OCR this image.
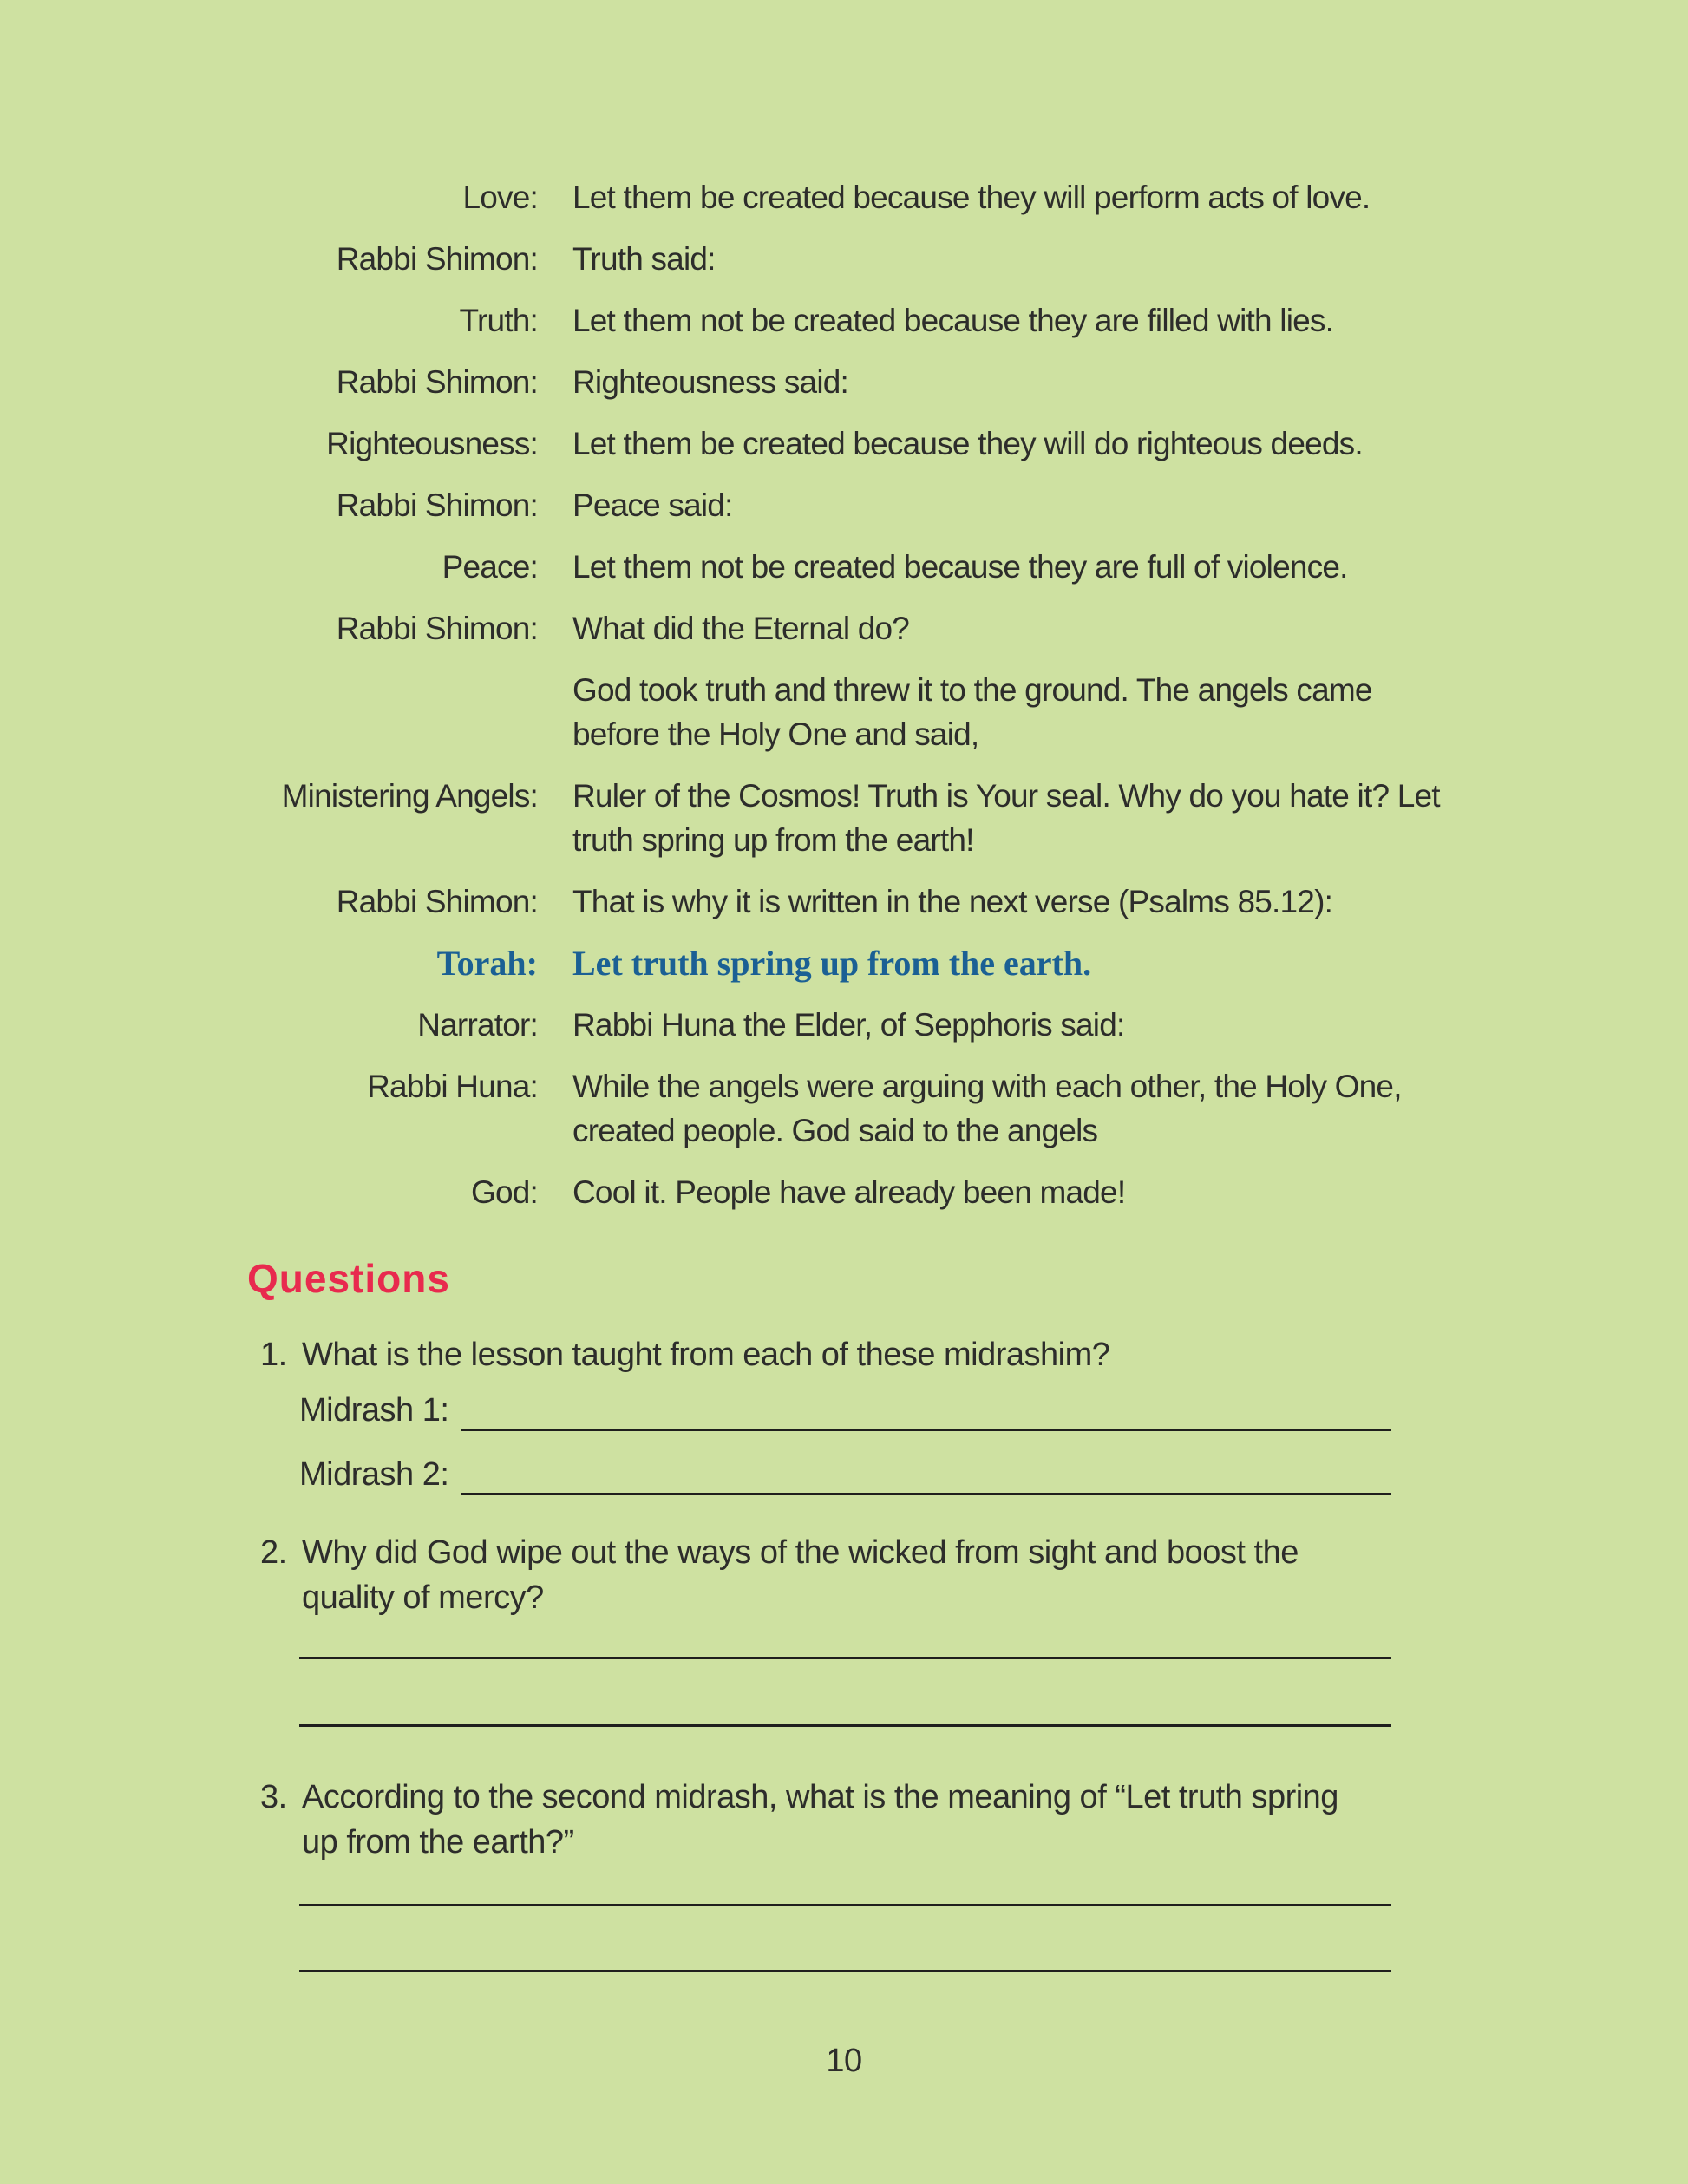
Love: Let them be created because they will perform acts of love.
Rabbi Shimon: Truth said:
Truth: Let them not be created because they are filled with lies.
Rabbi Shimon: Righteousness said:
Righteousness: Let them be created because they will do righteous deeds.
Rabbi Shimon: Peace said:
Peace: Let them not be created because they are full of violence.
Rabbi Shimon: What did the Eternal do?
God took truth and threw it to the ground. The angels came before the Holy One and said,
Ministering Angels: Ruler of the Cosmos! Truth is Your seal. Why do you hate it? Let truth spring up from the earth!
Rabbi Shimon: That is why it is written in the next verse (Psalms 85.12):
Torah: Let truth spring up from the earth.
Narrator: Rabbi Huna the Elder, of Sepphoris said:
Rabbi Huna: While the angels were arguing with each other, the Holy One, created people. God said to the angels
God: Cool it. People have already been made!
Questions
1. What is the lesson taught from each of these midrashim?
Midrash 1:
Midrash 2:
2. Why did God wipe out the ways of the wicked from sight and boost the quality of mercy?
3. According to the second midrash, what is the meaning of “Let truth spring up from the earth?”
10
